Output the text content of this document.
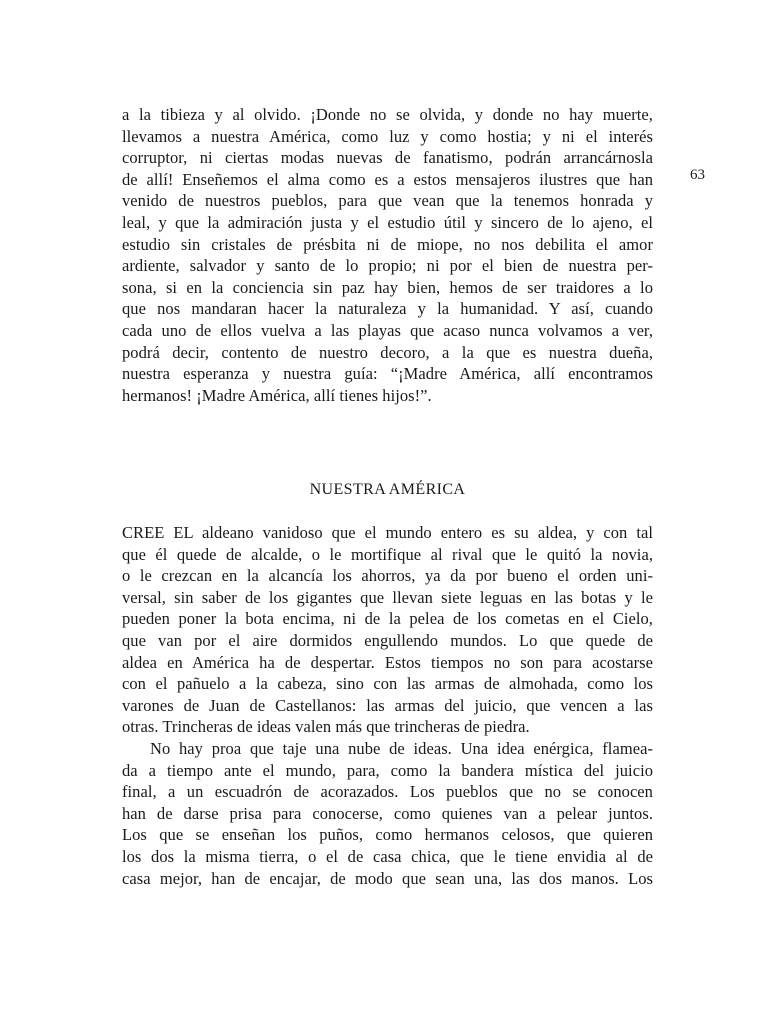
63
a la tibieza y al olvido. ¡Donde no se olvida, y donde no hay muerte,
llevamos a nuestra América, como luz y como hostia; y ni el interés
corruptor, ni ciertas modas nuevas de fanatismo, podrán arrancárnosla
de allí! Enseñemos el alma como es a estos mensajeros ilustres que han
venido de nuestros pueblos, para que vean que la tenemos honrada y
leal, y que la admiración justa y el estudio útil y sincero de lo ajeno, el
estudio sin cristales de présbita ni de miope, no nos debilita el amor
ardiente, salvador y santo de lo propio; ni por el bien de nuestra per-
sona, si en la conciencia sin paz hay bien, hemos de ser traidores a lo
que nos mandaran hacer la naturaleza y la humanidad. Y así, cuando
cada uno de ellos vuelva a las playas que acaso nunca volvamos a ver,
podrá decir, contento de nuestro decoro, a la que es nuestra dueña,
nuestra esperanza y nuestra guía: “¡Madre América, allí encontramos
hermanos! ¡Madre América, allí tienes hijos!”.
NUESTRA AMÉRICA
CREE EL aldeano vanidoso que el mundo entero es su aldea, y con tal
que él quede de alcalde, o le mortifique al rival que le quitó la novia,
o le crezcan en la alcancía los ahorros, ya da por bueno el orden uni-
versal, sin saber de los gigantes que llevan siete leguas en las botas y le
pueden poner la bota encima, ni de la pelea de los cometas en el Cielo,
que van por el aire dormidos engullendo mundos. Lo que quede de
aldea en América ha de despertar. Estos tiempos no son para acostarse
con el pañuelo a la cabeza, sino con las armas de almohada, como los
varones de Juan de Castellanos: las armas del juicio, que vencen a las
otras. Trincheras de ideas valen más que trincheras de piedra.
No hay proa que taje una nube de ideas. Una idea enérgica, flamea-
da a tiempo ante el mundo, para, como la bandera mística del juicio
final, a un escuadrón de acorazados. Los pueblos que no se conocen
han de darse prisa para conocerse, como quienes van a pelear juntos.
Los que se enseñan los puños, como hermanos celosos, que quieren
los dos la misma tierra, o el de casa chica, que le tiene envidia al de
casa mejor, han de encajar, de modo que sean una, las dos manos. Los
